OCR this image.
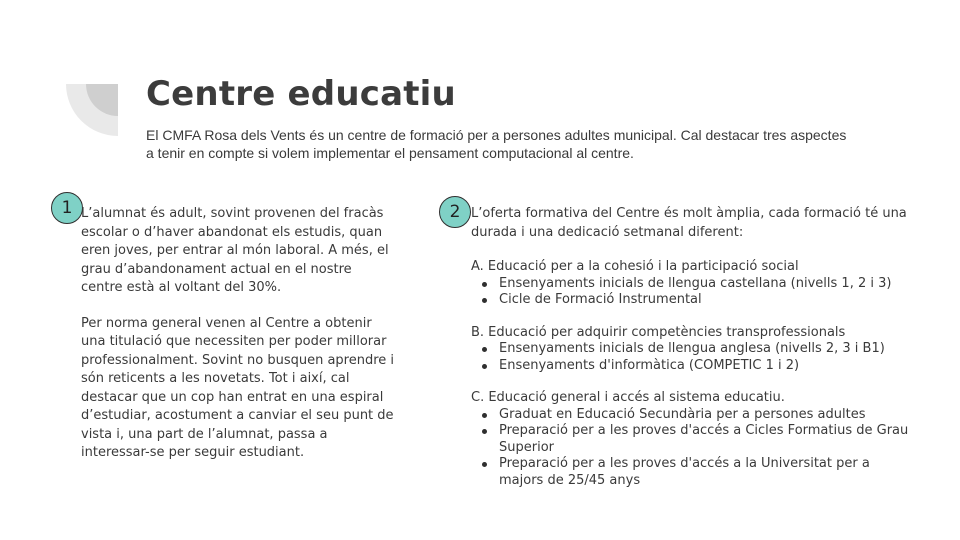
Centre educatiu
El CMFA Rosa dels Vents és un centre de formació per a persones adultes municipal. Cal destacar tres aspectes a tenir en compte si volem implementar el pensament computacional al centre.
1	2

L’alumnat és adult, sovint provenen del fracàs escolar o d’haver abandonat els estudis, quan eren joves, per entrar al món laboral. A més, el grau d’abandonament actual en el nostre centre està al voltant del 30%.

Per norma general venen al Centre a obtenir una titulació que necessiten per poder millorar professionalment. Sovint no busquen aprendre i són reticents a les novetats. Tot i així, cal destacar que un cop han entrat en una espiral d’estudiar, acostument a canviar el seu punt de vista i, una part de l’alumnat, passa a interessar-se per seguir estudiant.

L’oferta formativa del Centre és molt àmplia, cada formació té una durada i una dedicació setmanal diferent:

A. Educació per a la cohesió i la participació social
Ensenyaments inicials de llengua castellana (nivells 1, 2 i 3)
Cicle de Formació Instrumental
B. Educació per adquirir competències transprofessionals
Ensenyaments inicials de llengua anglesa (nivells 2, 3 i B1)
Ensenyaments d'informàtica (COMPETIC 1 i 2)
C. Educació general i accés al sistema educatiu.
Graduat en Educació Secundària per a persones adultes
Preparació per a les proves d'accés a Cicles Formatius de Grau Superior
Preparació per a les proves d'accés a la Universitat per a majors de 25/45 anys
